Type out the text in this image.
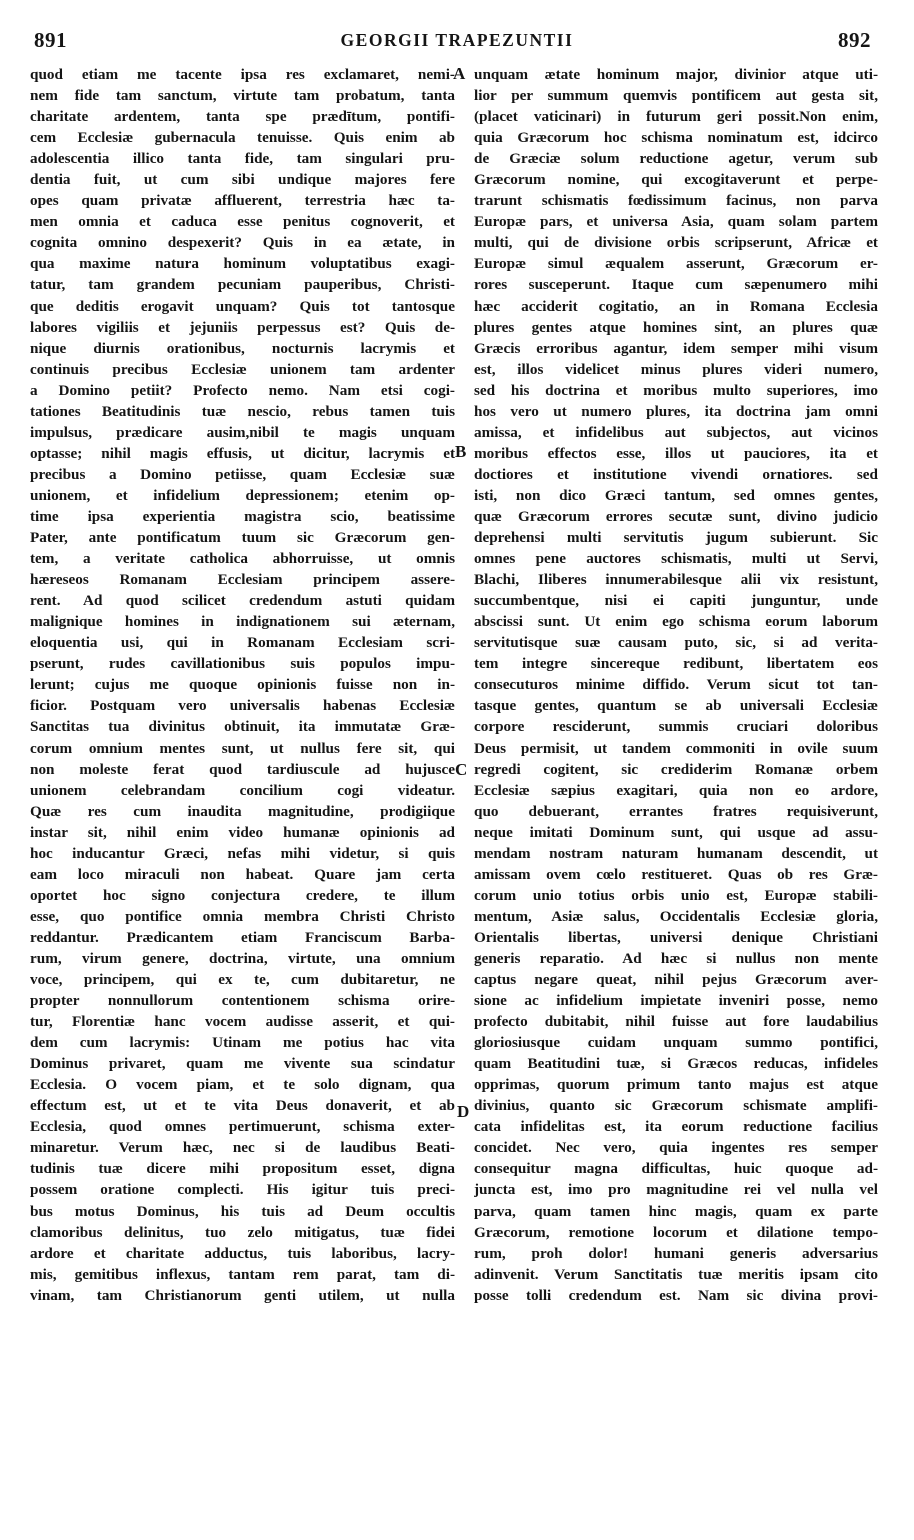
891	GEORGII TRAPEZUNTII	892
quod etiam me tacente ipsa res exclamaret, nemi-
nem fide tam sanctum, virtute tam probatum, tanta
charitate ardentem, tanta spe prædītum, pontifi-
cem Ecclesiæ gubernacula tenuisse. Quis enim ab
adolescentia illico tanta fide, tam singulari pru-
dentia fuit, ut cum sibi undique majores fere
opes quam privatæ affluerent, terrestria hæc ta-
men omnia et caduca esse penitus cognoverit, et
cognita omnino despexerit? Quis in ea ætate, in
qua maxime natura hominum voluptatibus exagi-
tatur, tam grandem pecuniam pauperibus, Christi-
que deditis erogavit unquam? Quis tot tantosque
labores vigiliis et jejuniis perpessus est? Quis de-
nique diurnis orationibus, nocturnis lacrymis et
continuis precibus Ecclesiæ unionem tam ardenter
a Domino petiit? Profecto nemo. Nam etsi cogi-
tationes Beatitudinis tuæ nescio, rebus tamen tuis
impulsus, prædicare ausim,nibil te magis unquam
optasse; nihil magis effusis, ut dicitur, lacrymis et
precibus a Domino petiisse, quam Ecclesiæ suæ
unionem, et infidelium depressionem; etenim op-
time ipsa experientia magistra scio, beatissime
Pater, ante pontificatum tuum sic Græcorum gen-
tem, a veritate catholica abhorruisse, ut omnis
hæreseos Romanam Ecclesiam principem assere-
rent. Ad quod scilicet credendum astuti quidam
malignique homines in indignationem sui æternam,
eloquentia usi, qui in Romanam Ecclesiam scri-
pserunt, rudes cavillationibus suis populos impu-
lerunt; cujus me quoque opinionis fuisse non in-
ficior. Postquam vero universalis habenas Ecclesiæ
Sanctitas tua divinitus obtinuit, ita immutatæ Græ-
corum omnium mentes sunt, ut nullus fere sit, qui
non moleste ferat quod tardiuscule ad hujusce
unionem celebrandam concilium cogi videatur.
Quæ res cum inaudita magnitudine, prodigiique
instar sit, nihil enim video humanæ opinionis ad
hoc inducantur Græci, nefas mihi videtur, si quis
eam loco miraculi non habeat. Quare jam certa
oportet hoc signo conjectura credere, te illum
esse, quo pontifice omnia membra Christi Christo
reddantur. Prædicantem etiam Franciscum Barba-
rum, virum genere, doctrina, virtute, una omnium
voce, principem, qui ex te, cum dubitaretur, ne
propter nonnullorum contentionem schisma orire-
tur, Florentiæ hanc vocem audisse asserit, et qui-
dem cum lacrymis: Utinam me potius hac vita
Dominus privaret, quam me vivente sua scindatur
Ecclesia. O vocem piam, et te solo dignam, qua
effectum est, ut et te vita Deus donaverit, et ab
Ecclesia, quod omnes pertimuerunt, schisma exter-
minaretur. Verum hæc, nec si de laudibus Beati-
tudinis tuæ dicere mihi propositum esset, digna
possem oratione complecti. His igitur tuis preci-
bus motus Dominus, his tuis ad Deum occultis
clamoribus delinitus, tuo zelo mitigatus, tuæ fidei
ardore et charitate adductus, tuis laboribus, lacry-
mis, gemitibus inflexus, tantam rem parat, tam di-
vinam, tam Christianorum genti utilem, ut nulla
unquam ætate hominum major, divinior atque uti-
lior per summum quemvis pontificem aut gesta sit,
(placet vaticinari) in futurum geri possit.Non enim,
quia Græcorum hoc schisma nominatum est, idcirco
de Græciæ solum reductione agetur, verum sub
Græcorum nomine, qui excogitaverunt et perpe-
trarunt schismatis fœdissimum facinus, non parva
Europæ pars, et universa Asia, quam solam partem
multi, qui de divisione orbis scripserunt, Africæ et
Europæ simul æqualem asserunt, Græcorum er-
rores susceperunt. Itaque cum sæpenumero mihi
hæc acciderit cogitatio, an in Romana Ecclesia
plures gentes atque homines sint, an plures quæ
Græcis erroribus agantur, idem semper mihi visum
est, illos videlicet minus plures videri numero,
sed his doctrina et moribus multo superiores, imo
hos vero ut numero plures, ita doctrina jam omni
amissa, et infidelibus aut subjectos, aut vicinos
moribus effectos esse, illos ut pauciores, ita et
doctiores et institutione vivendi ornatiores. sed
isti, non dico Græci tantum, sed omnes gentes,
quæ Græcorum errores secutæ sunt, divino judicio
deprehensi multi servitutis jugum subierunt. Sic
omnes pene auctores schismatis, multi ut Servi,
Blachi, Iliberes innumerabilesque alii vix resistunt,
succumbentque, nisi ei capiti junguntur, unde
abscissi sunt. Ut enim ego schisma eorum laborum
servitutisque suæ causam puto, sic, si ad verita-
tem integre sincereque redibunt, libertatem eos
consecuturos minime diffido. Verum sicut tot tan-
tasque gentes, quantum se ab universali Ecclesiæ
corpore resciderunt, summis cruciari doloribus
Deus permisit, ut tandem commoniti in ovile suum
regredi cogitent, sic crediderim Romanæ orbem
Ecclesiæ sæpius exagitari, quia non eo ardore,
quo debuerant, errantes fratres requisiverunt,
neque imitati Dominum sunt, qui usque ad assu-
mendam nostram naturam humanam descendit, ut
amissam ovem cœlo restitueret. Quas ob res Græ-
corum unio totius orbis unio est, Europæ stabili-
mentum, Asiæ salus, Occidentalis Ecclesiæ gloria,
Orientalis libertas, universi denique Christiani
generis reparatio. Ad hæc si nullus non mente
captus negare queat, nihil pejus Græcorum aver-
sione ac infidelium impietate inveniri posse, nemo
profecto dubitabit, nihil fuisse aut fore laudabilius
gloriosiusque cuidam unquam summo pontifici,
quam Beatitudini tuæ, si Græcos reducas, infideles
opprimas, quorum primum tanto majus est atque
divinius, quanto sic Græcorum schismate amplifi-
cata infidelitas est, ita eorum reductione facilius
concidet. Nec vero, quia ingentes res semper
consequitur magna difficultas, huic quoque ad-
juncta est, imo pro magnitudine rei vel nulla vel
parva, quam tamen hinc magis, quam ex parte
Græcorum, remotione locorum et dilatione tempo-
rum, proh dolor! humani generis adversarius
adinvenit. Verum Sanctitatis tuæ meritis ipsam cito
posse tolli credendum est. Nam sic divina provi-
A
B
C
D
